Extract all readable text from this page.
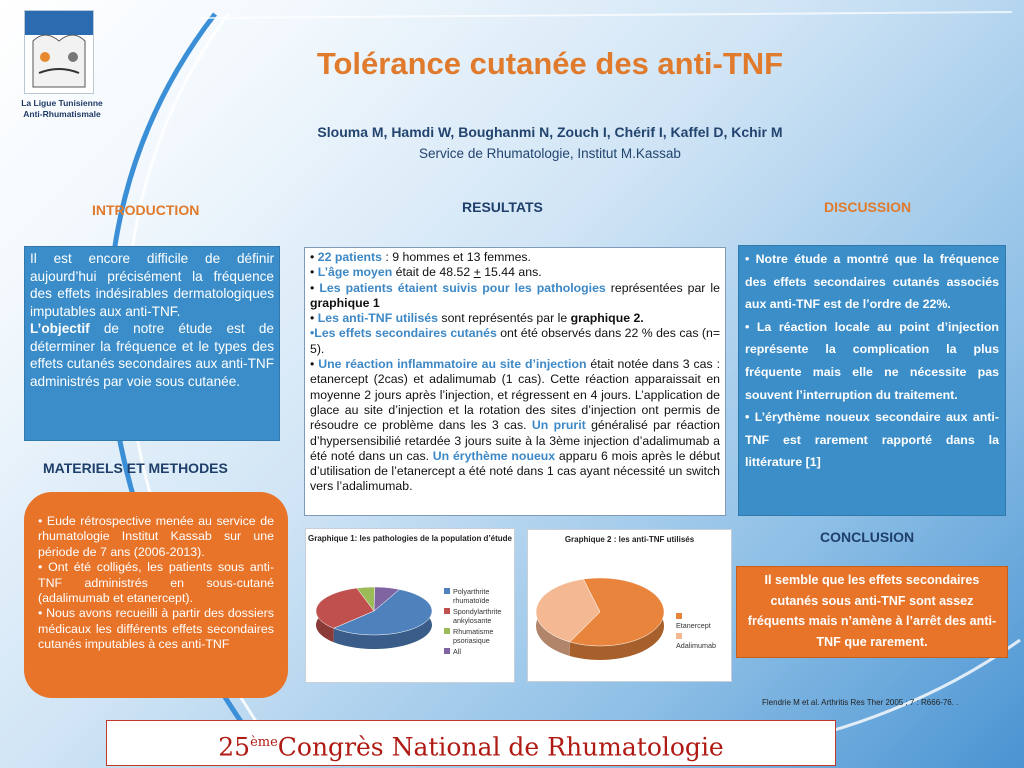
La Ligue Tunisienne
Anti-Rhumatismale
Tolérance cutanée des anti-TNF
Slouma M, Hamdi W, Boughanmi N, Zouch I, Chérif I, Kaffel D, Kchir M
Service de Rhumatologie, Institut M.Kassab
INTRODUCTION	RESULTATS	DISCUSSION
MATERIELS ET METHODES
CONCLUSION

Il est encore difficile de définir aujourd’hui précisément la fréquence des effets indésirables dermatologiques imputables aux anti-TNF.

L’objectif de notre étude est de déterminer la fréquence et le types des effets cutanés secondaires aux anti-TNF administrés par voie sous cutanée.

• Eude rétrospective menée au service de rhumatologie Institut Kassab sur une période de 7 ans (2006-2013).

• Ont été colligés, les patients sous anti-TNF administrés en sous-cutané (adalimumab et etanercept).

• Nous avons recueilli à partir des dossiers médicaux les différents effets secondaires cutanés imputables à ces anti-TNF

• 22 patients : 9 hommes et 13 femmes.

• L’âge moyen était de 48.52 + 15.44 ans.

• Les patients étaient suivis pour les pathologies représentées par le graphique 1

• Les anti-TNF utilisés sont représentés par le graphique 2.

•Les effets secondaires cutanés ont été observés dans 22 % des cas (n= 5).

• Une réaction inflammatoire au site d’injection était notée dans 3 cas : etanercept (2cas) et adalimumab (1 cas). Cette réaction apparaissait en moyenne 2 jours après l’injection, et régressent en 4 jours. L’application de glace au site d’injection et la rotation des sites d’injection ont permis de résoudre ce problème dans les 3 cas. Un prurit généralisé par réaction d’hypersensibilié retardée 3 jours suite à la 3ème injection d’adalimumab a été noté dans un cas. Un érythème noueux apparu 6 mois après le début d’utilisation de l’etanercept a été noté dans 1 cas ayant nécessité un switch vers l’adalimumab.

• Notre étude a montré que la fréquence des effets secondaires cutanés associés aux anti-TNF est de l’ordre de 22%.

• La réaction locale au point d’injection représente la complication la plus fréquente mais elle ne nécessite pas souvent l’interruption du traitement.

• L’érythème noueux secondaire aux anti-TNF est rarement rapporté dans la littérature [1]

Il semble que les effets secondaires cutanés sous anti-TNF sont assez fréquents mais n’amène à l’arrêt des anti-TNF que rarement.
Graphique 1: les pathologies de la population d’étude
Polyarthrite rhumatoïde
Spondylarthrite ankylosante
Rhumatisme psoriasique
All
Graphique 2 : les anti-TNF utilisés
Etanercept
Adalimumab
Flendrie M et al. Arthritis Res Ther 2005 ; 7 : R666-76. .
25èmeCongrès National de Rhumatologie
